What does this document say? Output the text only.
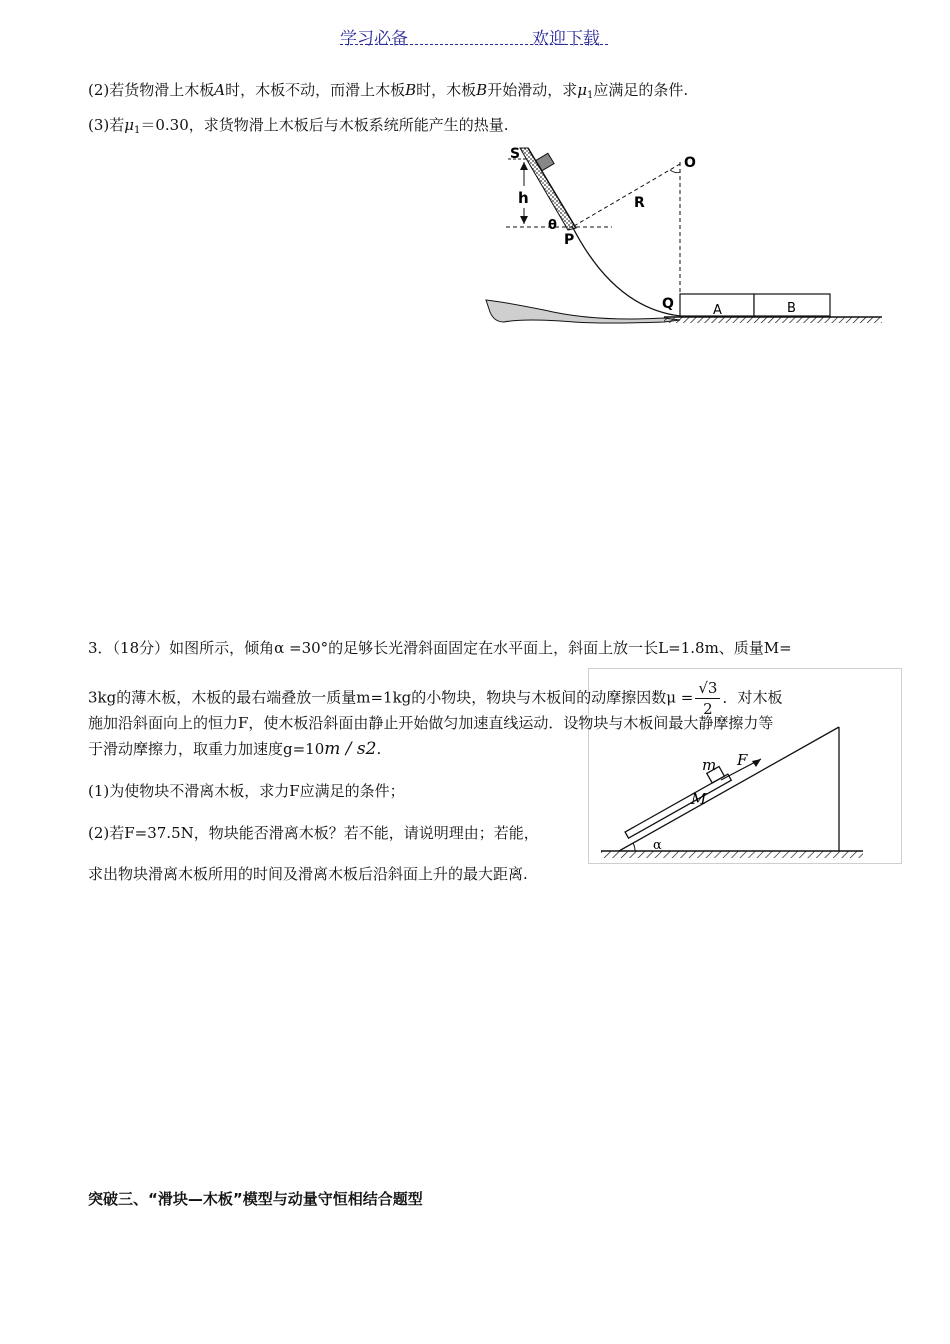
学习必备	欢迎下载
(2)若货物滑上木板A时，木板不动，而滑上木板B时，木板B开始滑动，求$\mu_1$应满足的条件.
(3)若$\mu_1=0.30$，求货物滑上木板后与木板系统所能产生的热量.
S
O
h	R
θ
P
Q	A	B
3．（18分）如图所示，倾角α =30°的足够长光滑斜面固定在水平面上，斜面上放一长L=1.8m、质量M=
m F
M
α
3kg的薄木板，木板的最右端叠放一质量m=1kg的小物块，物块与木板间的动摩擦因数$\mu = \frac{√3}{2}$ ．对木板
施加沿斜面向上的恒力F，使木板沿斜面由静止开始做匀加速直线运动．设物块与木板间最大静摩擦力等
于滑动摩擦力，取重力加速度g=10m / s2.
(1)为使物块不滑离木板，求力F应满足的条件；
(2)若F=37.5N，物块能否滑离木板？若不能，请说明理由；若能，
求出物块滑离木板所用的时间及滑离木板后沿斜面上升的最大距离.
突破三、“滑块—木板”模型与动量守恒相结合题型
